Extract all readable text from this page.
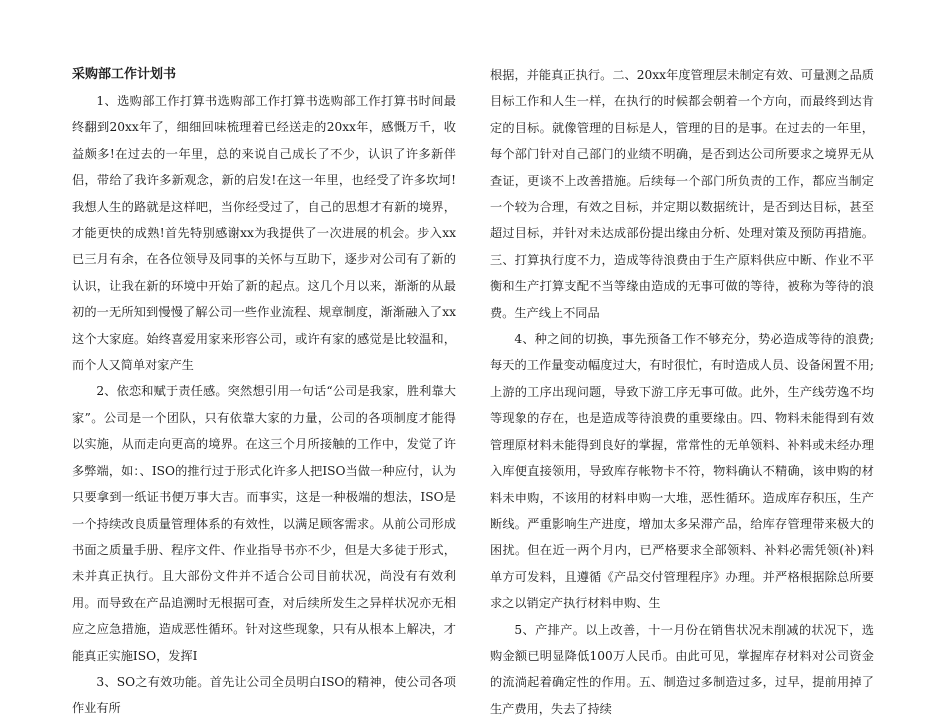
采购部工作计划书

1、选购部工作打算书选购部工作打算书选购部工作打算书时间最终翻到20xx年了，细细回味梳理着已经送走的20xx年，感慨万千，收益颇多!在过去的一年里，总的来说自己成长了不少，认识了许多新伴侣，带给了我许多新观念，新的启发!在这一年里，也经受了许多坎坷!我想人生的路就是这样吧，当你经受过了，自己的思想才有新的境界，才能更快的成熟!首先特别感谢xx为我提供了一次进展的机会。步入xx已三月有余，在各位领导及同事的关怀与互助下，逐步对公司有了新的认识，让我在新的环境中开始了新的起点。这几个月以来，渐渐的从最初的一无所知到慢慢了解公司一些作业流程、规章制度，渐渐融入了xx这个大家庭。始终喜爱用家来形容公司，或许有家的感觉是比较温和，而个人又简单对家产生

2、依恋和赋于责任感。突然想引用一句话“公司是我家，胜利靠大家”。公司是一个团队，只有依靠大家的力量，公司的各项制度才能得以实施，从而走向更高的境界。在这三个月所接触的工作中，发觉了许多弊端，如：、ISO的推行过于形式化许多人把ISO当做一种应付，认为只要拿到一纸证书便万事大吉。而事实，这是一种极端的想法，ISO是一个持续改良质量管理体系的有效性，以满足顾客需求。从前公司形成书面之质量手册、程序文件、作业指导书亦不少，但是大多徒于形式，未并真正执行。且大部份文件并不适合公司目前状况，尚没有有效利用。而导致在产品追溯时无根据可查，对后续所发生之异样状况亦无相应之应急措施，造成恶性循环。针对这些现象，只有从根本上解决，才能真正实施ISO，发挥I

3、SO之有效功能。首先让公司全员明白ISO的精神，使公司各项作业有所

根据，并能真正执行。二、20xx年度管理层未制定有效、可量测之品质目标工作和人生一样，在执行的时候都会朝着一个方向，而最终到达肯定的目标。就像管理的目标是人，管理的目的是事。在过去的一年里，每个部门针对自己部门的业绩不明确，是否到达公司所要求之境界无从查证，更谈不上改善措施。后续每一个部门所负责的工作，都应当制定一个较为合理，有效之目标，并定期以数据统计，是否到达目标，甚至超过目标，并针对未达成部份提出缘由分析、处理对策及预防再措施。三、打算执行度不力，造成等待浪费由于生产原料供应中断、作业不平衡和生产打算支配不当等缘由造成的无事可做的等待，被称为等待的浪费。生产线上不同品

4、种之间的切换，事先预备工作不够充分，势必造成等待的浪费;每天的工作量变动幅度过大，有时很忙，有时造成人员、设备闲置不用;上游的工序出现问题，导致下游工序无事可做。此外，生产线劳逸不均等现象的存在，也是造成等待浪费的重要缘由。四、物料未能得到有效管理原材料未能得到良好的掌握，常常性的无单领料、补料或未经办理入库便直接领用，导致库存帐物卡不符，物料确认不精确，该申购的材料未申购，不该用的材料申购一大堆，恶性循环。造成库存积压，生产断线。严重影响生产进度，增加太多呆滞产品，给库存管理带来极大的困扰。但在近一两个月内，已严格要求全部领料、补料必需凭领(补)料单方可发料，且遵循《产品交付管理程序》办理。并严格根据除总所要求之以销定产执行材料申购、生

5、产排产。以上改善，十一月份在销售状况未削减的状况下，选购金额已明显降低100万人民币。由此可见，掌握库存材料对公司资金的流淌起着确定性的作用。五、制造过多制造过多，过早，提前用掉了生产费用，失去了持续
